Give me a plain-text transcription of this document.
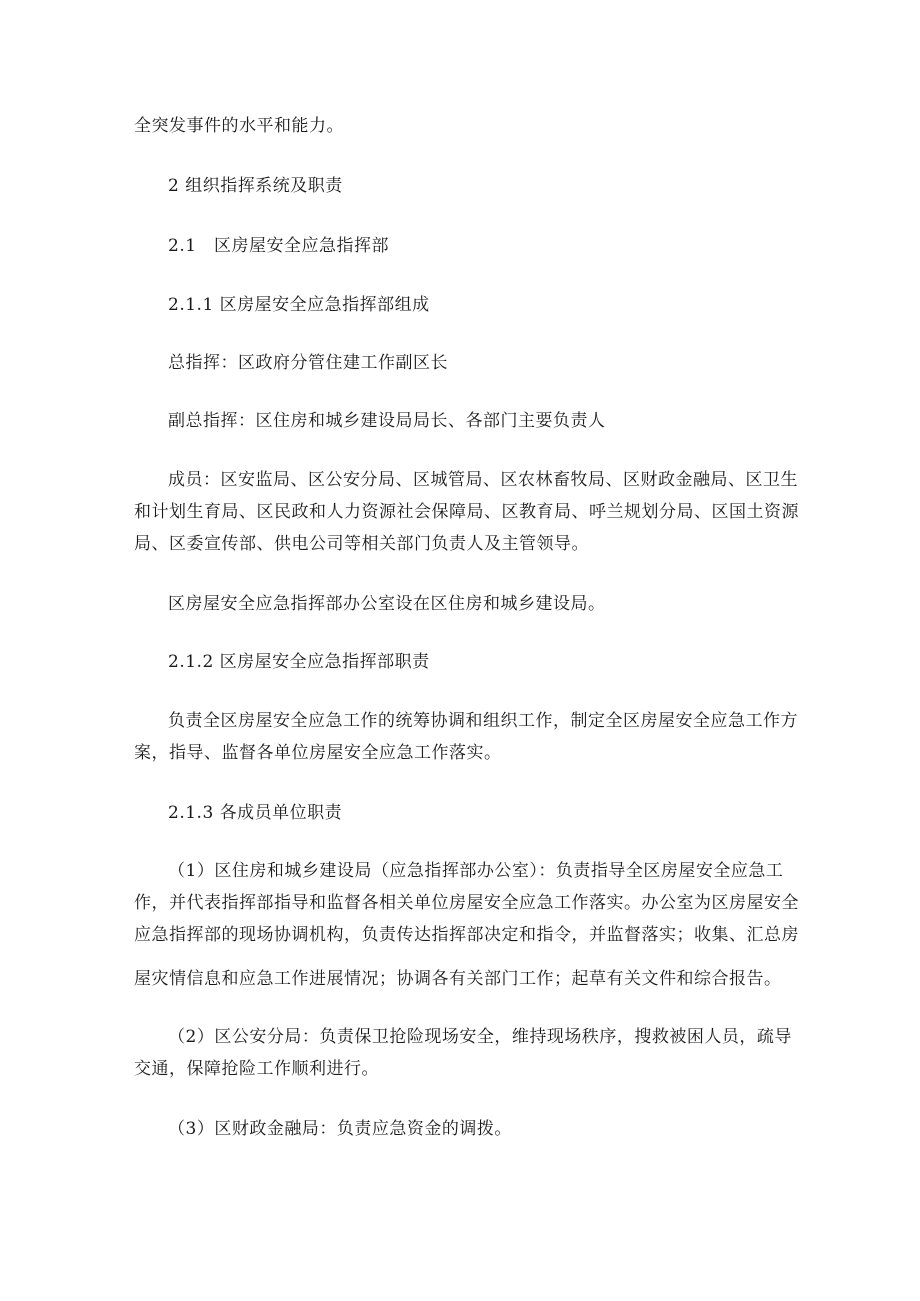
全突发事件的水平和能力。

2 组织指挥系统及职责

2.1　区房屋安全应急指挥部

2.1.1 区房屋安全应急指挥部组成

总指挥：区政府分管住建工作副区长

副总指挥：区住房和城乡建设局局长、各部门主要负责人

成员：区安监局、区公安分局、区城管局、区农林畜牧局、区财政金融局、区卫生

和计划生育局、区民政和人力资源社会保障局、区教育局、呼兰规划分局、区国土资源

局、区委宣传部、供电公司等相关部门负责人及主管领导。

区房屋安全应急指挥部办公室设在区住房和城乡建设局。

2.1.2 区房屋安全应急指挥部职责

负责全区房屋安全应急工作的统筹协调和组织工作，制定全区房屋安全应急工作方

案，指导、监督各单位房屋安全应急工作落实。

2.1.3 各成员单位职责

（1）区住房和城乡建设局（应急指挥部办公室）：负责指导全区房屋安全应急工

作，并代表指挥部指导和监督各相关单位房屋安全应急工作落实。办公室为区房屋安全

应急指挥部的现场协调机构，负责传达指挥部决定和指令，并监督落实；收集、汇总房

屋灾情信息和应急工作进展情况；协调各有关部门工作；起草有关文件和综合报告。

（2）区公安分局：负责保卫抢险现场安全，维持现场秩序，搜救被困人员，疏导

交通，保障抢险工作顺利进行。

（3）区财政金融局：负责应急资金的调拨。
